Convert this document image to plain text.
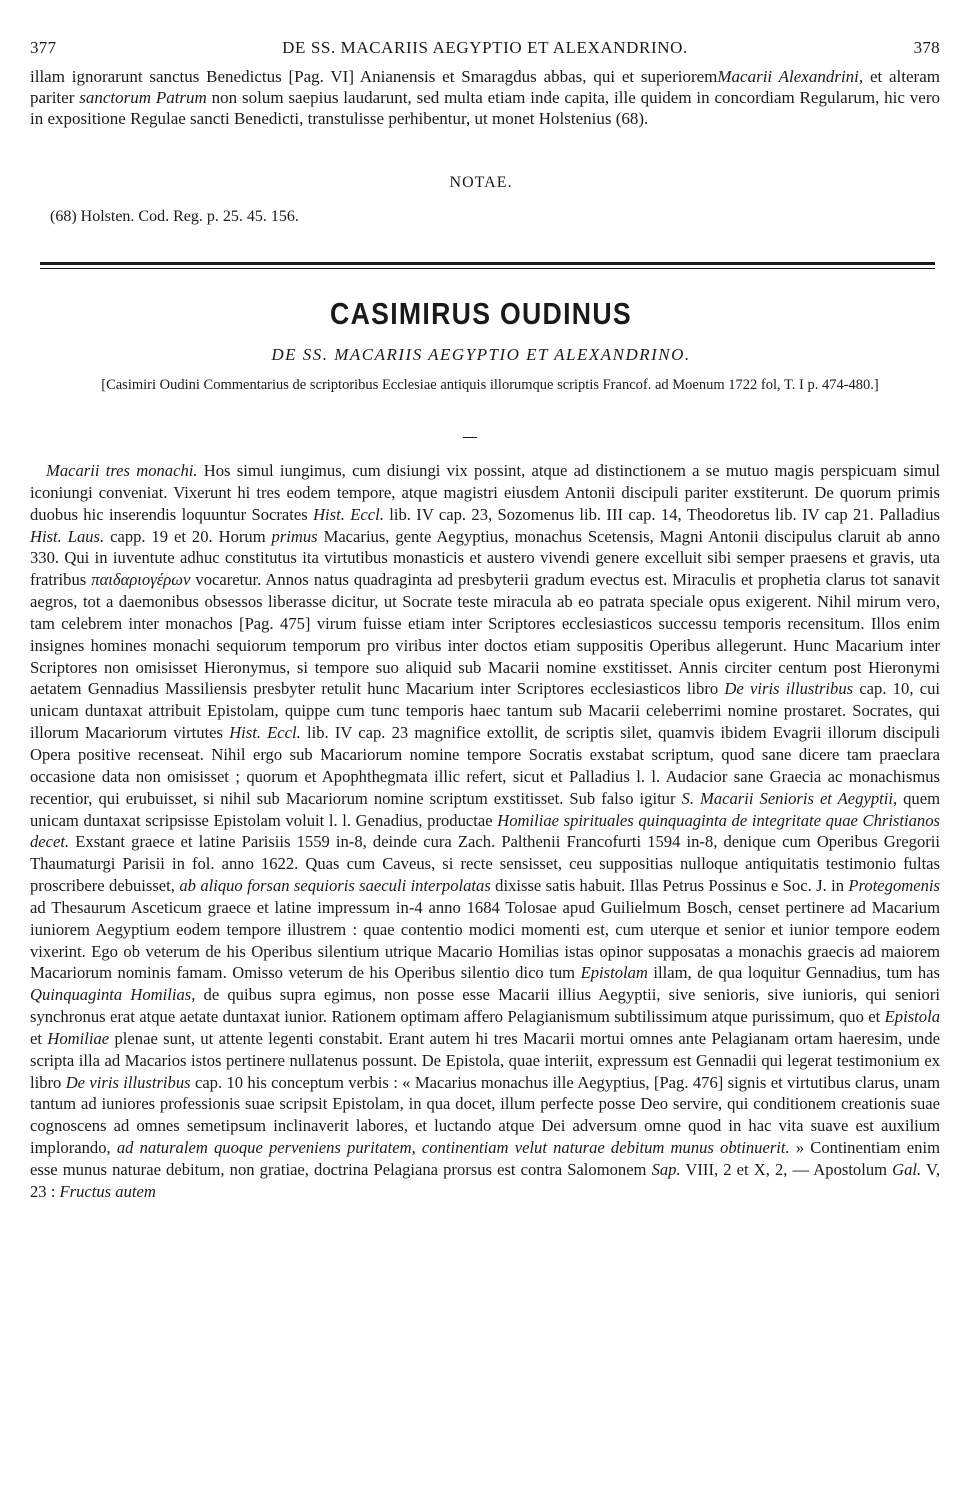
377	DE SS. MACARIIS AEGYPTIO ET ALEXANDRINO.	378
illam ignorarunt sanctus Benedictus [Pag. VI] Anianensis et Smaragdus abbas, qui et superioremMacarii Alexandrini, et alteram pariter sanctorum Patrum non solum saepius laudarunt, sed multa etiam inde capita, ille quidem in concordiam Regularum, hic vero in expositione Regulae sancti Benedicti, transtulisse perhibentur, ut monet Holstenius (68).
NOTAE.
(68) Holsten. Cod. Reg. p. 25. 45. 156.
CASIMIRUS OUDINUS
DE SS. MACARIIS AEGYPTIO ET ALEXANDRINO.
[Casimiri Oudini Commentarius de scriptoribus Ecclesiae antiquis illorumque scriptis Francof. ad Moenum 1722 fol, T. I p. 474-480.]

Macarii tres monachi. Hos simul iungimus, cum disiungi vix possint, atque ad distinctionem a se mutuo magis perspicuam simul iconiungi conveniat. Vixerunt hi tres eodem tempore, atque magistri eiusdem Antonii discipuli pariter exstiterunt. De quorum primis duobus hic inserendis loquuntur Socrates Hist. Eccl. lib. IV cap. 23, Sozomenus lib. III cap. 14, Theodoretus lib. IV cap 21. Palladius Hist. Laus. capp. 19 et 20. Horum primus Macarius, gente Aegyptius, monachus Scetensis, Magni Antonii discipulus claruit ab anno 330. Qui in iuventute adhuc constitutus ita virtutibus monasticis et austero vivendi genere excelluit sibi semper praesens et gravis, uta fratribus παιδαριογέρων vocaretur. Annos natus quadraginta ad presbyterii gradum evectus est. Miraculis et prophetia clarus tot sanavit aegros, tot a daemonibus obsessos liberasse dicitur, ut Socrate teste miracula ab eo patrata speciale opus exigerent. Nihil mirum vero, tam celebrem inter monachos [Pag. 475] virum fuisse etiam inter Scriptores ecclesiasticos successu temporis recensitum. Illos enim insignes homines monachi sequiorum temporum pro viribus inter doctos etiam suppositis Operibus allegerunt. Hunc Macarium inter Scriptores non omisisset Hieronymus, si tempore suo aliquid sub Macarii nomine exstitisset. Annis circiter centum post Hieronymi aetatem Gennadius Massiliensis presbyter retulit hunc Macarium inter Scriptores ecclesiasticos libro De viris illustribus cap. 10, cui unicam duntaxat attribuit Epistolam, quippe cum tunc temporis haec tantum sub Macarii celeberrimi nomine prostaret. Socrates, qui illorum Macariorum virtutes Hist. Eccl. lib. IV cap. 23 magnifice extollit, de scriptis silet, quamvis ibidem Evagrii illorum discipuli Opera positive recenseat. Nihil ergo sub Macariorum nomine tempore Socratis exstabat scriptum, quod sane dicere tam praeclara occasione data non omisisset ; quorum et Apophthegmata illic refert, sicut et Palladius l. l. Audacior sane Graecia ac monachismus recentior, qui erubuisset, si nihil sub Macariorum nomine scriptum exstitisset. Sub falso igitur S. Macarii Senioris et Aegyptii, quem unicam duntaxat scripsisse Epistolam voluit l. l. Genadius, productae Homiliae spirituales quinquaginta de integritate quae Christianos decet. Exstant graece et latine Parisiis 1559 in-8, deinde cura Zach. Palthenii Francofurti 1594 in-8, denique cum Operibus Gregorii Thaumaturgi Parisii in fol. anno 1622. Quas cum Caveus, si recte sensisset, ceu suppositias nulloque antiquitatis testimonio fultas proscribere debuisset, ab aliquo forsan sequioris saeculi interpolatas dixisse satis habuit. Illas Petrus Possinus e Soc. J. in Protegomenis ad Thesaurum Asceticum graece et latine impressum in-4 anno 1684 Tolosae apud Guilielmum Bosch, censet pertinere ad Macarium iuniorem Aegyptium eodem tempore illustrem : quae contentio modici momenti est, cum uterque et senior et iunior tempore eodem vixerint. Ego ob veterum de his Operibus silentium utrique Macario Homilias istas opinor supposatas a monachis graecis ad maiorem Macariorum nominis famam. Omisso veterum de his Operibus silentio dico tum Epistolam illam, de qua loquitur Gennadius, tum has Quinquaginta Homilias, de quibus supra egimus, non posse esse Macarii illius Aegyptii, sive senioris, sive iunioris, qui seniori synchronus erat atque aetate duntaxat iunior. Rationem optimam affero Pelagianismum subtilissimum atque purissimum, quo et Epistola et Homiliae plenae sunt, ut attente legenti constabit. Erant autem hi tres Macarii mortui omnes ante Pelagianam ortam haeresim, unde scripta illa ad Macarios istos pertinere nullatenus possunt. De Epistola, quae interiit, expressum est Gennadii qui legerat testimonium ex libro De viris illustribus cap. 10 his conceptum verbis : « Macarius monachus ille Aegyptius, [Pag. 476] signis et virtutibus clarus, unam tantum ad iuniores professionis suae scripsit Epistolam, in qua docet, illum perfecte posse Deo servire, qui conditionem creationis suae cognoscens ad omnes semetipsum inclinaverit labores, et luctando atque Dei adversum omne quod in hac vita suave est auxilium implorando, ad naturalem quoque perveniens puritatem, continentiam velut naturae debitum munus obtinuerit. » Continentiam enim esse munus naturae debitum, non gratiae, doctrina Pelagiana prorsus est contra Salomonem Sap. VIII, 2 et X, 2, — Apostolum Gal. V, 23 : Fructus autem
